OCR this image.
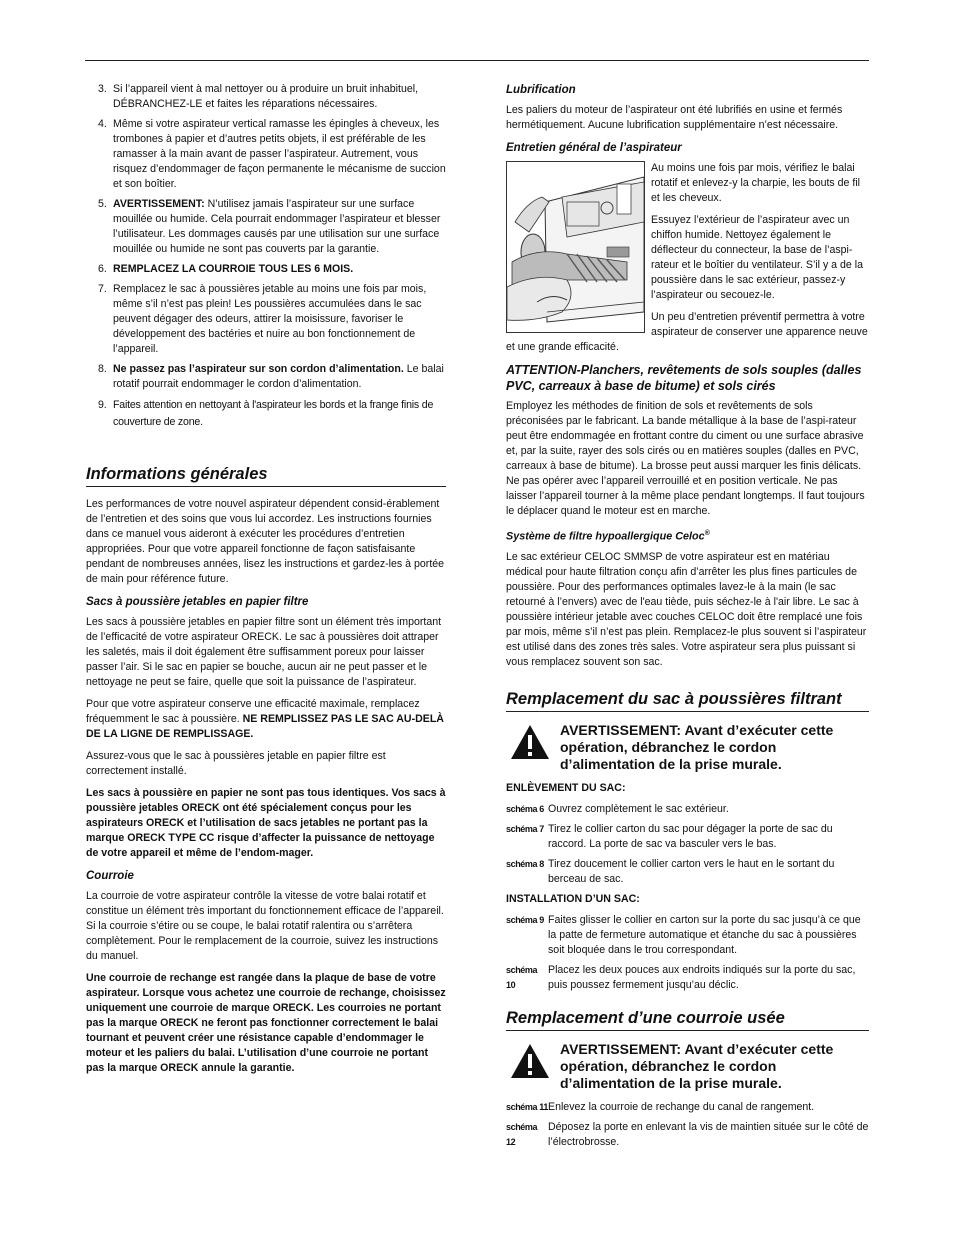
3. Si l’appareil vient à mal nettoyer ou à produire un bruit inhabituel, DÉBRANCHEZ-LE et faites les réparations nécessaires.
4. Même si votre aspirateur vertical ramasse les épingles à cheveux, les trombones à papier et d’autres petits objets, il est préférable de les ramasser à la main avant de passer l’aspirateur. Autrement, vous risquez d’endommager de façon permanente le mécanisme de succion et son boîtier.
5. AVERTISSEMENT: N’utilisez jamais l’aspirateur sur une surface mouillée ou humide. Cela pourrait endommager l’aspirateur et blesser l’utilisateur. Les dommages causés par une utilisation sur une surface mouillée ou humide ne sont pas couverts par la garantie.
6. REMPLACEZ LA COURROIE TOUS LES 6 MOIS.
7. Remplacez le sac à poussières jetable au moins une fois par mois, même s’il n’est pas plein! Les poussières accumulées dans le sac peuvent dégager des odeurs, attirer la moisissure, favoriser le développement des bactéries et nuire au bon fonctionnement de l’appareil.
8. Ne passez pas l’aspirateur sur son cordon d’alimentation. Le balai rotatif pourrait endommager le cordon d’alimentation.
9. Faites attention en nettoyant à l'aspirateur les bords et la frange finis de couverture de zone.
Informations générales

Les performances de votre nouvel aspirateur dépendent consid-érablement de l’entretien et des soins que vous lui accordez. Les instructions fournies dans ce manuel vous aideront à exécuter les procédures d’entretien appropriées. Pour que votre appareil fonctionne de façon satisfaisante pendant de nombreuses années, lisez les instructions et gardez-les à portée de main pour référence future.

Sacs à poussière jetables en papier filtre

Les sacs à poussière jetables en papier filtre sont un élément très important de l’efficacité de votre aspirateur ORECK. Le sac à poussières doit attraper les saletés, mais il doit également être suffisamment poreux pour laisser passer l’air. Si le sac en papier se bouche, aucun air ne peut passer et le nettoyage ne peut se faire, quelle que soit la puissance de l’aspirateur.

Pour que votre aspirateur conserve une efficacité maximale, remplacez fréquemment le sac à poussière. NE REMPLISSEZ PAS LE SAC AU-DELÀ DE LA LIGNE DE REMPLISSAGE.

Assurez-vous que le sac à poussières jetable en papier filtre est correctement installé.

Les sacs à poussière en papier ne sont pas tous identiques. Vos sacs à poussière jetables ORECK ont été spécialement conçus pour les aspirateurs ORECK et l’utilisation de sacs jetables ne portant pas la marque ORECK TYPE CC risque d’affecter la puissance de nettoyage de votre appareil et même de l’endom-mager.

Courroie

La courroie de votre aspirateur contrôle la vitesse de votre balai rotatif et constitue un élément très important du fonctionnement efficace de l’appareil. Si la courroie s’étire ou se coupe, le balai rotatif ralentira ou s’arrêtera complètement. Pour le remplacement de la courroie, suivez les instructions du manuel.

Une courroie de rechange est rangée dans la plaque de base de votre aspirateur. Lorsque vous achetez une courroie de rechange, choisissez uniquement une courroie de marque ORECK. Les courroies ne portant pas la marque ORECK ne feront pas fonctionner correctement le balai tournant et peuvent créer une résistance capable d’endommager le moteur et les paliers du balai. L’utilisation d’une courroie ne portant pas la marque ORECK annule la garantie.

Lubrification

Les paliers du moteur de l’aspirateur ont été lubrifiés en usine et fermés hermétiquement. Aucune lubrification supplémentaire n’est nécessaire.

Entretien général de l’aspirateur

Au moins une fois par mois, vérifiez le balai rotatif et enlevez-y la charpie, les bouts de fil et les cheveux.

Essuyez l’extérieur de l’aspirateur avec un chiffon humide. Nettoyez également le déflecteur du connecteur, la base de l’aspi-rateur et le boîtier du ventilateur. S’il y a de la poussière dans le sac extérieur, passez-y l’aspirateur ou secouez-le.

Un peu d’entretien préventif permettra à votre aspirateur de conserver une apparence neuve et une grande efficacité.

ATTENTION-Planchers, revêtements de sols souples (dalles PVC, carreaux à base de bitume) et sols cirés

Employez les méthodes de finition de sols et revêtements de sols préconisées par le fabricant. La bande métallique à la base de l’aspi-rateur peut être endommagée en frottant contre du ciment ou une surface abrasive et, par la suite, rayer des sols cirés ou en matières souples (dalles en PVC, carreaux à base de bitume). La brosse peut aussi marquer les finis délicats. Ne pas opérer avec l’appareil verrouillé et en position verticale. Ne pas laisser l’appareil tourner à la même place pendant longtemps. Il faut toujours le déplacer quand le moteur est en marche.

Système de filtre hypoallergique Celoc®

Le sac extérieur CELOC SMMSP de votre aspirateur est en matériau médical pour haute filtration conçu afin d’arrêter les plus fines particules de poussière. Pour des performances optimales lavez-le à la main (le sac retourné à l’envers) avec de l'eau tiède, puis séchez-le à l'air libre. Le sac à poussière intérieur jetable avec couches CELOC doit être remplacé une fois par mois, même s’il n’est pas plein. Remplacez-le plus souvent si l’aspirateur est utilisé dans des zones très sales. Votre aspirateur sera plus puissant si vous remplacez souvent son sac.

Remplacement du sac à poussières filtrant
AVERTISSEMENT: Avant d’exécuter cette opération, débranchez le cordon d’alimentation de la prise murale.
ENLÈVEMENT DU SAC:
schéma 6 Ouvrez complètement le sac extérieur.
schéma 7 Tirez le collier carton du sac pour dégager la porte de sac du raccord. La porte de sac va basculer vers le bas.
schéma 8 Tirez doucement le collier carton vers le haut en le sortant du berceau de sac.
INSTALLATION D’UN SAC:
schéma 9 Faites glisser le collier en carton sur la porte du sac jusqu’à ce que la patte de fermeture automatique et étanche du sac à poussières soit bloquée dans le trou correspondant.
schéma 10
Placez les deux pouces aux endroits indiqués sur la porte du sac, puis poussez fermement jusqu’au déclic.
Remplacement d’une courroie usée
AVERTISSEMENT: Avant d’exécuter cette opération, débranchez le cordon d’alimentation de la prise murale.
schéma 11 Enlevez la courroie de rechange du canal de rangement.
schéma 12
Déposez la porte en enlevant la vis de maintien située sur le côté de l’électrobrosse.
